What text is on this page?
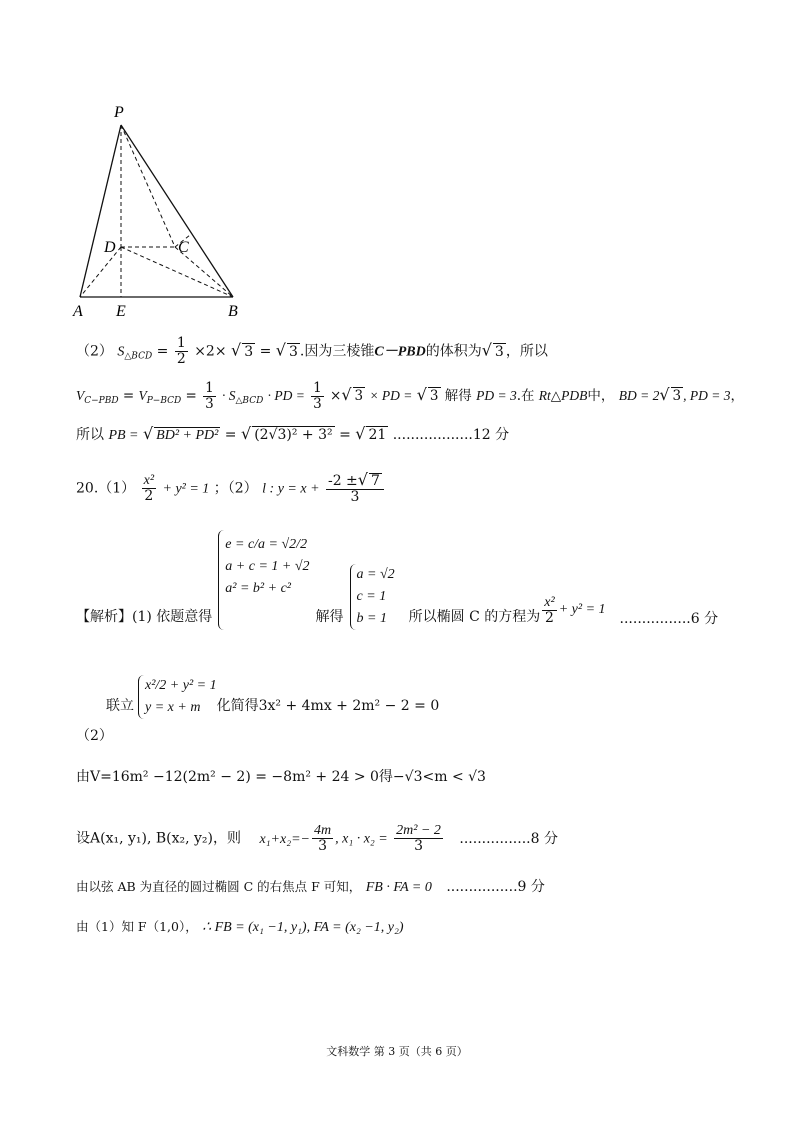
P
D	C
A E	B
（2） $S_{\triangle BCD} = \frac{1}{2} \times 2\times$ √ 3 = √ 3 .因为三棱锥C－PBD的体积为√ 3 ，所以
$V_{C-PBD} = V_{P-BCD} = \frac{1}{3} \cdot S_{\triangle BCD}$ · PD = $\frac{1}{3}$ ×√ 3 × PD = √ 3 解得 PD = 3.在 Rt△PDB中， BD = 2√ 3 , PD = 3，
所以 PB = √ BD² + PD² = √ (2√3)² + 3² = √ 21 ..................12 分
$20.(1) \frac{\text{x²}}{2} + y^2 = 1$ ；（2） l : $y = x + \frac{-2 \pm√ 7}{3}$
【解析】(1) 依题意得
e = c/a = √2/2
a + c = 1 + √2
a² = b² + c²

解得
a = √2
c = 1
b = 1	所以椭圆 C 的方程为 $\frac{\text{x²}}{2} + y^2 = 1$
................6 分
联立
（2）
x²/2 + y² = 1
y = x + m	化简得3x² + 4mx + 2m² − 2 = 0
由V=16m² −12(2m² − 2) = −8m² + 24 > 0得−√3<m < √3
设A(x₁, y₁), B(x₂, y₂)，则 $x_1+x_2=- \frac{4m}{3}$ , $x_1 \cdot x_2 = \frac{\text{2m² − 2}}{3} ................8$ 分
由以弦 AB 为直径的圆过椭圆 C 的右焦点 F 可知， FB · FA = 0 ................9 分
由（1）知 F（1,0）， ∴ FB = (x₁ −1, y₁), FA = (x₂ −1, y₂)
文科数学 第 3 页（共 6 页）
